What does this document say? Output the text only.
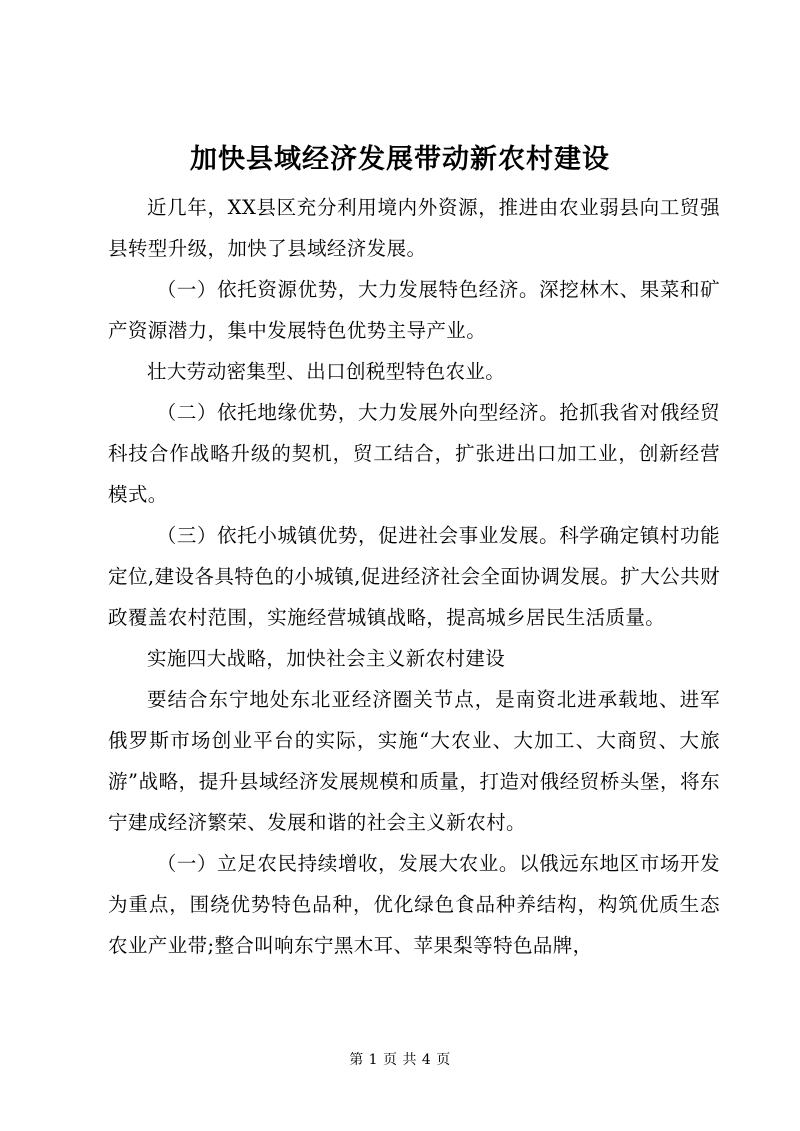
加快县域经济发展带动新农村建设

近几年，XX县区充分利用境内外资源，推进由农业弱县向工贸强县转型升级，加快了县域经济发展。

（一）依托资源优势，大力发展特色经济。深挖林木、果菜和矿产资源潜力，集中发展特色优势主导产业。

壮大劳动密集型、出口创税型特色农业。

（二）依托地缘优势，大力发展外向型经济。抢抓我省对俄经贸科技合作战略升级的契机，贸工结合，扩张进出口加工业，创新经营模式。

（三）依托小城镇优势，促进社会事业发展。科学确定镇村功能定位,建设各具特色的小城镇,促进经济社会全面协调发展。扩大公共财政覆盖农村范围，实施经营城镇战略，提高城乡居民生活质量。

实施四大战略，加快社会主义新农村建设

要结合东宁地处东北亚经济圈关节点，是南资北进承载地、进军俄罗斯市场创业平台的实际，实施“大农业、大加工、大商贸、大旅游”战略，提升县域经济发展规模和质量，打造对俄经贸桥头堡，将东宁建成经济繁荣、发展和谐的社会主义新农村。

（一）立足农民持续增收，发展大农业。以俄远东地区市场开发为重点，围绕优势特色品种，优化绿色食品种养结构，构筑优质生态农业产业带;整合叫响东宁黑木耳、苹果梨等特色品牌，

第 1 页 共 4 页
